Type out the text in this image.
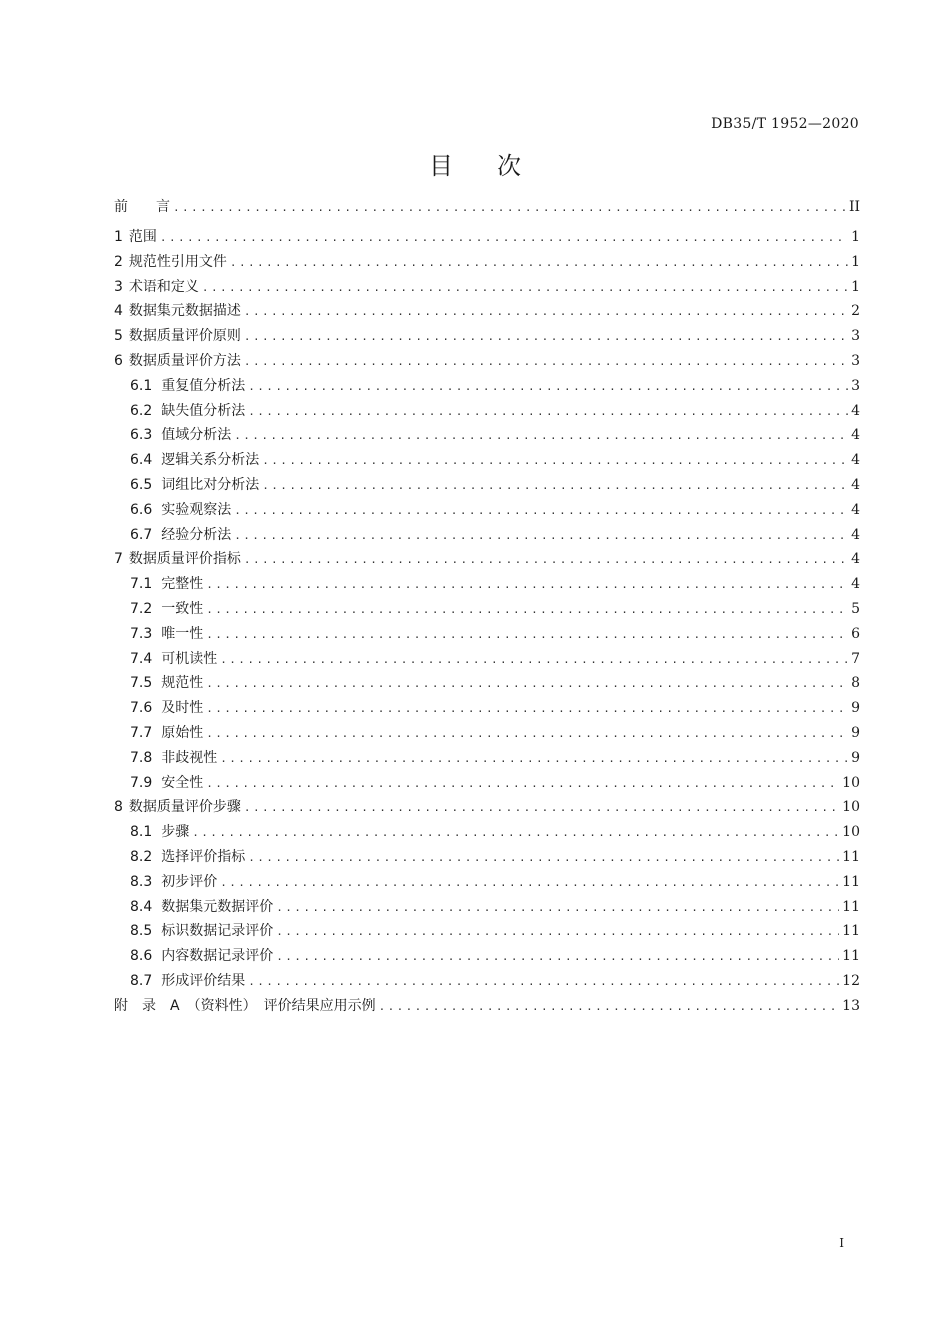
DB35/T 1952—2020
目 次
前　　言 .....	II
1 范围 .....	1
2 规范性引用文件 .....	1
3 术语和定义 .....	1
4 数据集元数据描述 .....	2
5 数据质量评价原则 .....	3
6 数据质量评价方法 .....	3
6.1 重复值分析法 .....	3
6.2 缺失值分析法 .....	4
6.3 值域分析法 .....	4
6.4 逻辑关系分析法 .....	4
6.5 词组比对分析法 .....	4
6.6 实验观察法 .....	4
6.7 经验分析法 .....	4
7 数据质量评价指标 .....	4
7.1 完整性 .....	4
7.2 一致性 .....	5
7.3 唯一性 .....	6
7.4 可机读性 .....	7
7.5 规范性 .....	8
7.6 及时性 .....	9
7.7 原始性 .....	9
7.8 非歧视性 .....	9
7.9 安全性 .....	10
8 数据质量评价步骤 .....	10
8.1 步骤 .....	10
8.2 选择评价指标 .....	11
8.3 初步评价 .....	11
8.4 数据集元数据评价 .....	11
8.5 标识数据记录评价 .....	11
8.6 内容数据记录评价 .....	11
8.7 形成评价结果 .....	12
附　录　A　（资料性）　评价结果应用示例 .....	13
I
